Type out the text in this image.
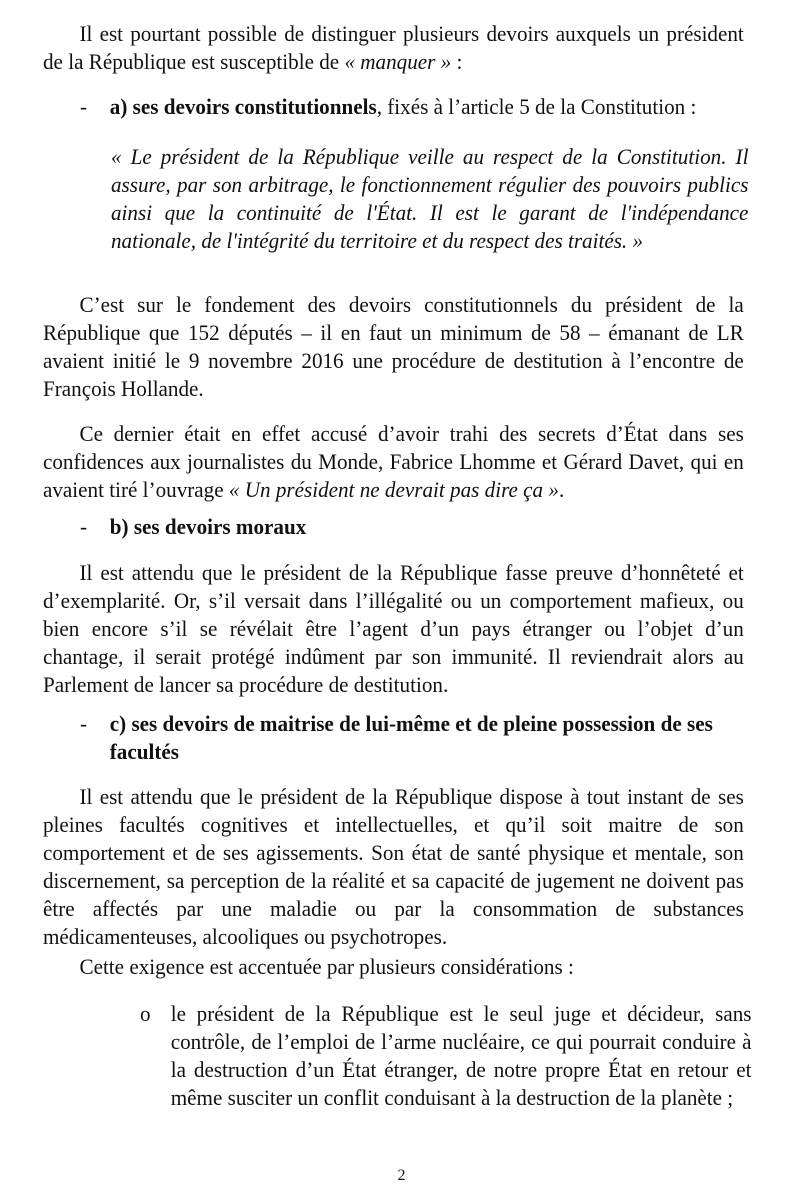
Il est pourtant possible de distinguer plusieurs devoirs auxquels un président de la République est susceptible de « manquer » :

- a) ses devoirs constitutionnels, fixés à l’article 5 de la Constitution :

« Le président de la République veille au respect de la Constitution. Il assure, par son arbitrage, le fonctionnement régulier des pouvoirs publics ainsi que la continuité de l'État. Il est le garant de l'indépendance nationale, de l'intégrité du territoire et du respect des traités. »

C’est sur le fondement des devoirs constitutionnels du président de la République que 152 députés – il en faut un minimum de 58 – émanant de LR avaient initié le 9 novembre 2016 une procédure de destitution à l’encontre de François Hollande.

Ce dernier était en effet accusé d’avoir trahi des secrets d’État dans ses confidences aux journalistes du Monde, Fabrice Lhomme et Gérard Davet, qui en avaient tiré l’ouvrage « Un président ne devrait pas dire ça ».

- b) ses devoirs moraux

Il est attendu que le président de la République fasse preuve d’honnêteté et d’exemplarité. Or, s’il versait dans l’illégalité ou un comportement mafieux, ou bien encore s’il se révélait être l’agent d’un pays étranger ou l’objet d’un chantage, il serait protégé indûment par son immunité. Il reviendrait alors au Parlement de lancer sa procédure de destitution.

- c) ses devoirs de maitrise de lui-même et de pleine possession de ses facultés

Il est attendu que le président de la République dispose à tout instant de ses pleines facultés cognitives et intellectuelles, et qu’il soit maitre de son comportement et de ses agissements. Son état de santé physique et mentale, son discernement, sa perception de la réalité et sa capacité de jugement ne doivent pas être affectés par une maladie ou par la consommation de substances médicamenteuses, alcooliques ou psychotropes.

Cette exigence est accentuée par plusieurs considérations :

o le président de la République est le seul juge et décideur, sans contrôle, de l’emploi de l’arme nucléaire, ce qui pourrait conduire à la destruction d’un État étranger, de notre propre État en retour et même susciter un conflit conduisant à la destruction de la planète ;

2
